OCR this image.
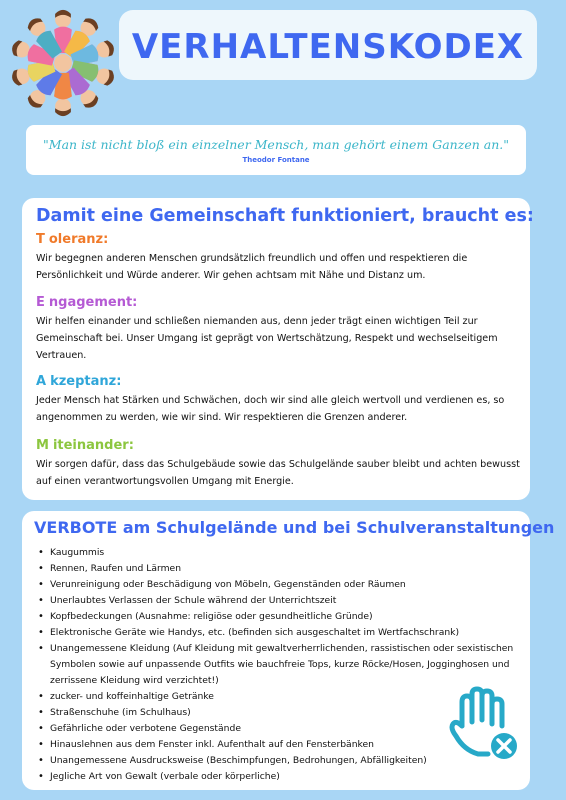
VERHALTENSKODEX
"Man ist nicht bloß ein einzelner Mensch, man gehört einem Ganzen an."
Theodor Fontane
Damit eine Gemeinschaft funktioniert, braucht es:
T oleranz:
Wir begegnen anderen Menschen grundsätzlich freundlich und offen und respektieren die Persönlichkeit und Würde anderer. Wir gehen achtsam mit Nähe und Distanz um.
E ngagement:
Wir helfen einander und schließen niemanden aus, denn jeder trägt einen wichtigen Teil zur Gemeinschaft bei. Unser Umgang ist geprägt von Wertschätzung, Respekt und wechselseitigem Vertrauen.
A kzeptanz:
Jeder Mensch hat Stärken und Schwächen, doch wir sind alle gleich wertvoll und verdienen es, so angenommen zu werden, wie wir sind. Wir respektieren die Grenzen anderer.
M iteinander:
Wir sorgen dafür, dass das Schulgebäude sowie das Schulgelände sauber bleibt und achten bewusst auf einen verantwortungsvollen Umgang mit Energie.
VERBOTE am Schulgelände und bei Schulveranstaltungen
• Kaugummis
• Rennen, Raufen und Lärmen
• Verunreinigung oder Beschädigung von Möbeln, Gegenständen oder Räumen
• Unerlaubtes Verlassen der Schule während der Unterrichtszeit
• Kopfbedeckungen (Ausnahme: religiöse oder gesundheitliche Gründe)
• Elektronische Geräte wie Handys, etc. (befinden sich ausgeschaltet im Wertfachschrank)
• Unangemessene Kleidung (Auf Kleidung mit gewaltverherrlichenden, rassistischen oder sexistischen Symbolen sowie auf unpassende Outfits wie bauchfreie Tops, kurze Röcke/Hosen, Jogginghosen und zerrissene Kleidung wird verzichtet!)
• zucker- und koffeinhaltige Getränke
• Straßenschuhe (im Schulhaus)
• Gefährliche oder verbotene Gegenstände
• Hinauslehnen aus dem Fenster inkl. Aufenthalt auf den Fensterbänken
• Unangemessene Ausdrucksweise (Beschimpfungen, Bedrohungen, Abfälligkeiten)
• Jegliche Art von Gewalt (verbale oder körperliche)
